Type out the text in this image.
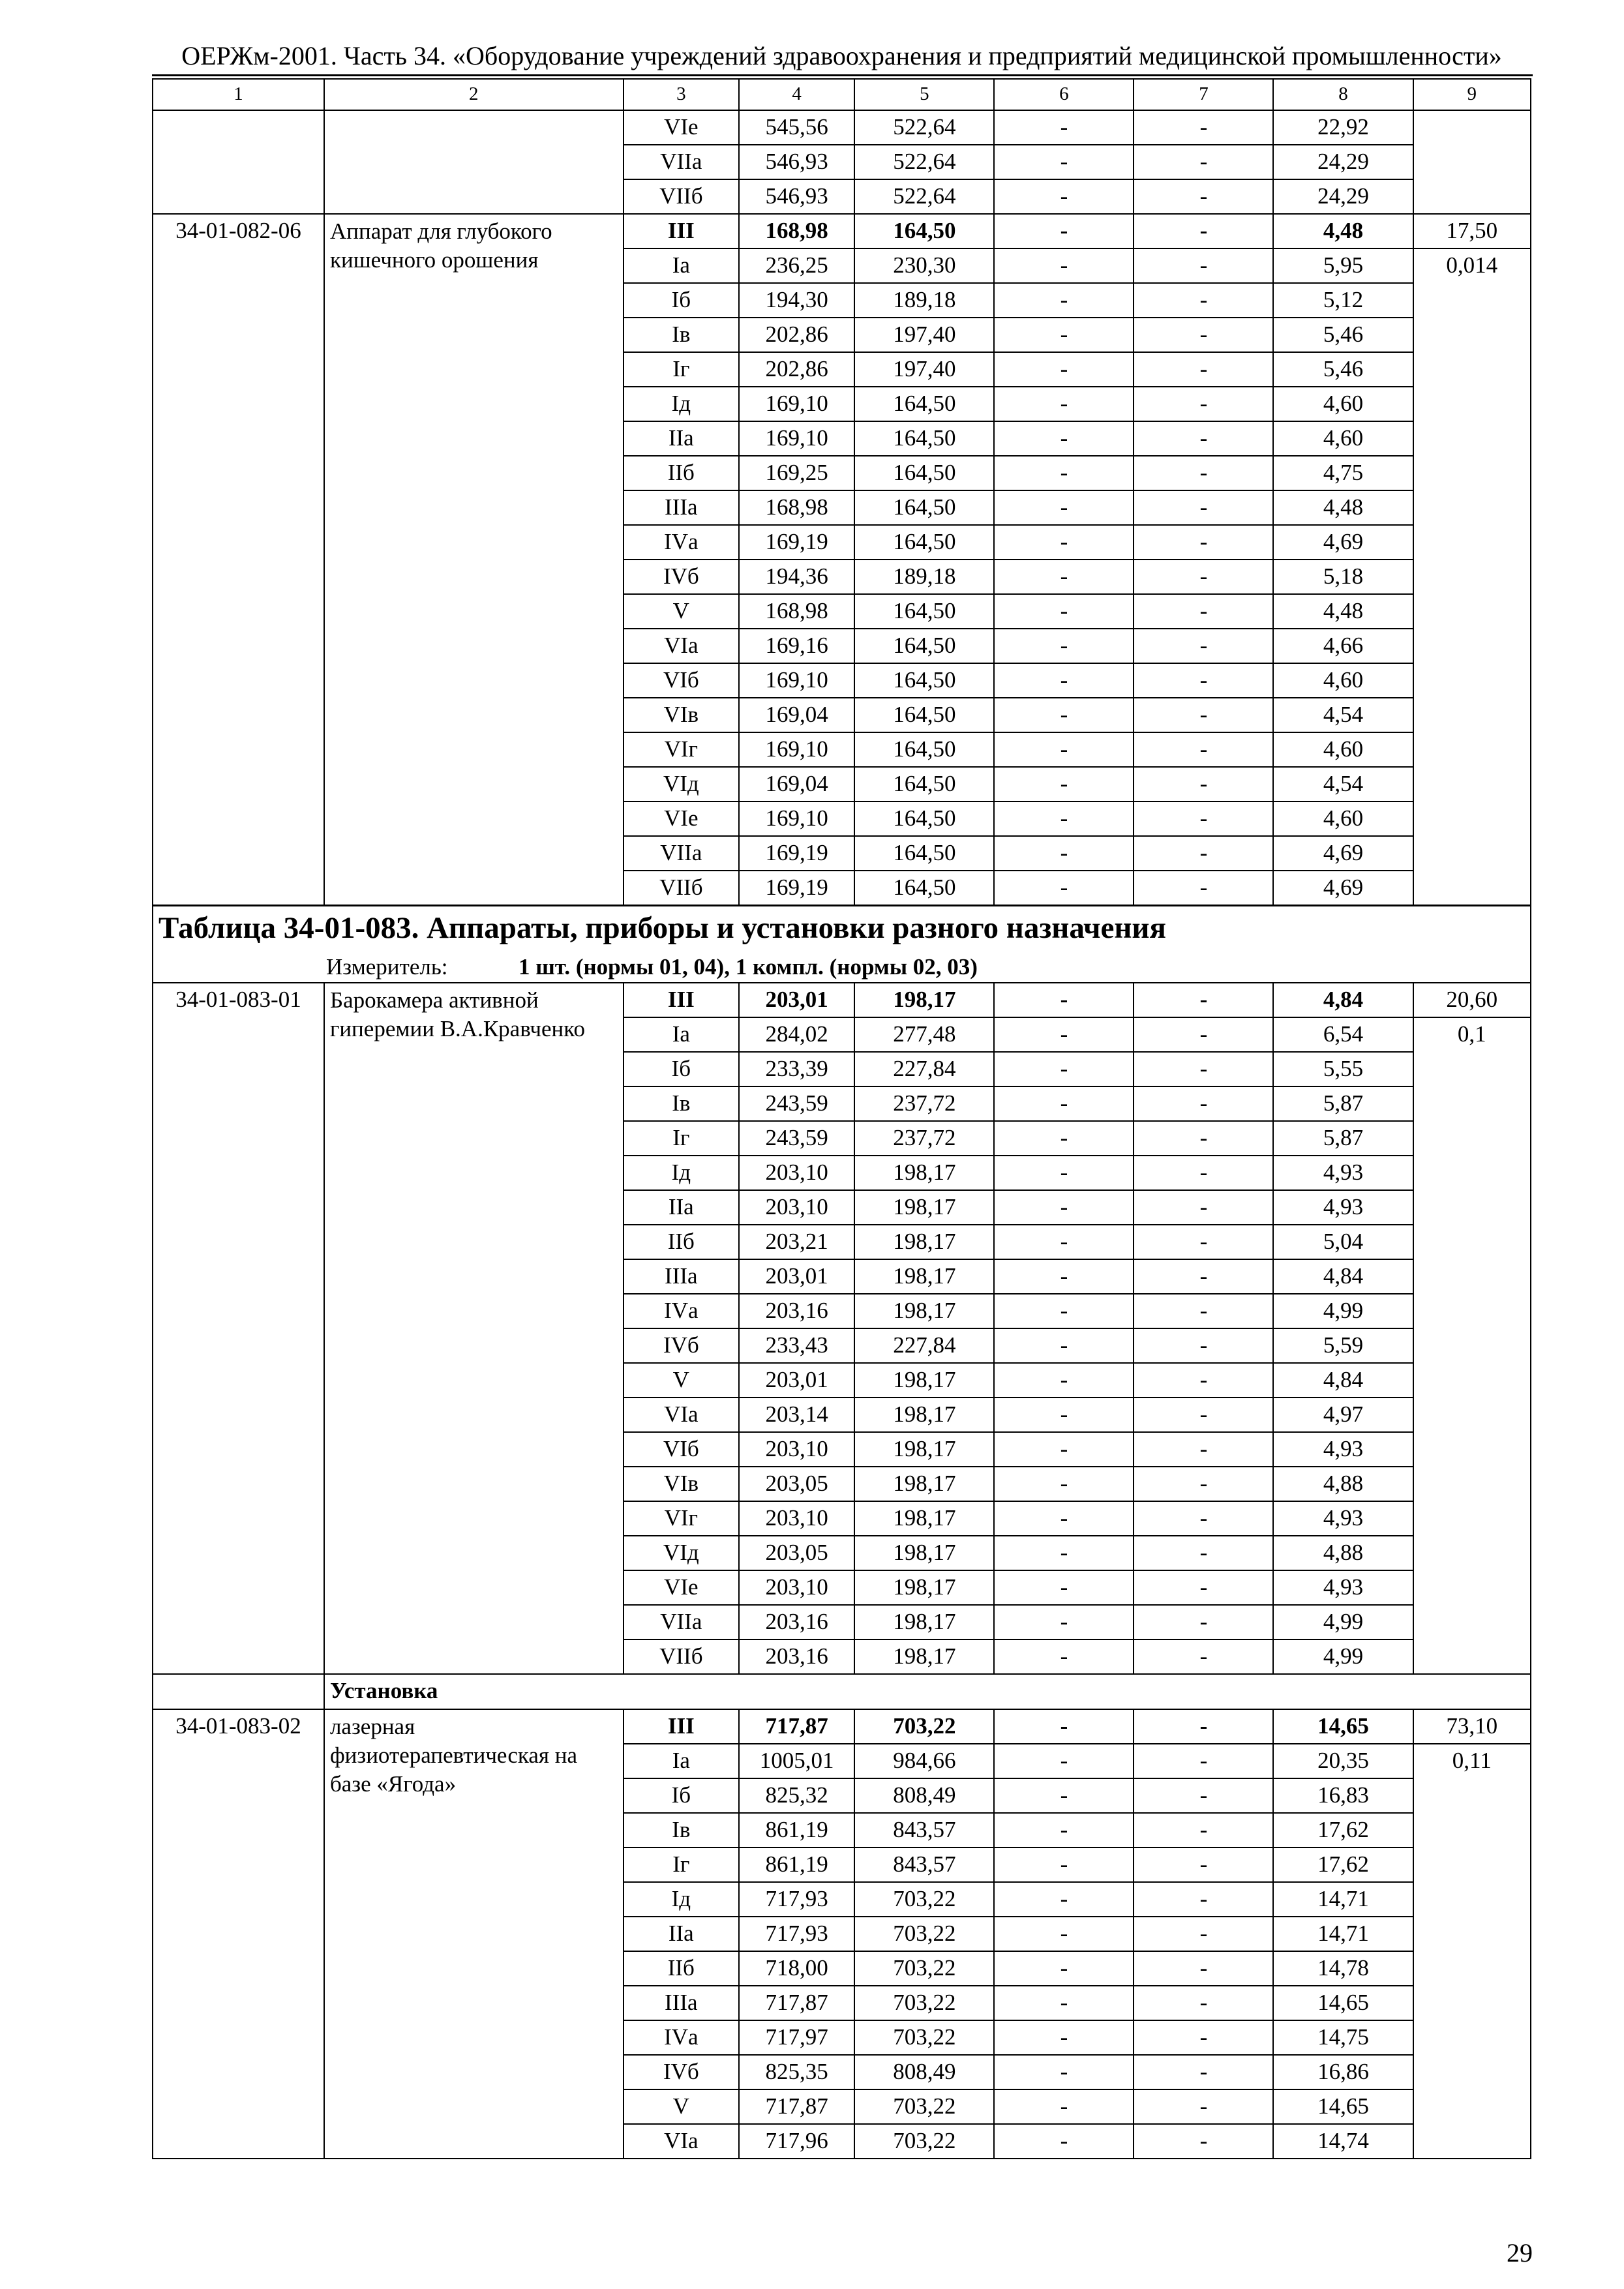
ОЕРЖм-2001. Часть 34. «Оборудование учреждений здравоохранения и предприятий медицинской промышленности»
1	2	3	4	5	6	7	8	9
		VIе	545,56	522,64	-	-	22,92	
		VIIа	546,93	522,64	-	-	24,29	
		VIIб	546,93	522,64	-	-	24,29	
34-01-082-06	Аппарат для глубокого кишечного орошения	III	168,98	164,50	-	-	4,48	17,50
		Iа	236,25	230,30	-	-	5,95	0,014
		Iб	194,30	189,18	-	-	5,12	
		Iв	202,86	197,40	-	-	5,46	
		Iг	202,86	197,40	-	-	5,46	
		Iд	169,10	164,50	-	-	4,60	
		IIа	169,10	164,50	-	-	4,60	
		IIб	169,25	164,50	-	-	4,75	
		IIIа	168,98	164,50	-	-	4,48	
		IVа	169,19	164,50	-	-	4,69	
		IVб	194,36	189,18	-	-	5,18	
		V	168,98	164,50	-	-	4,48	
		VIа	169,16	164,50	-	-	4,66	
		VIб	169,10	164,50	-	-	4,60	
		VIв	169,04	164,50	-	-	4,54	
		VIг	169,10	164,50	-	-	4,60	
		VIд	169,04	164,50	-	-	4,54	
		VIе	169,10	164,50	-	-	4,60	
		VIIа	169,19	164,50	-	-	4,69	
		VIIб	169,19	164,50	-	-	4,69	
Таблица 34-01-083. Аппараты, приборы и установки разного назначения								
Измеритель: 1 шт. (нормы 01, 04), 1 компл. (нормы 02, 03)								
34-01-083-01	Барокамера активной гиперемии В.А.Кравченко	III	203,01	198,17	-	-	4,84	20,60
		Iа	284,02	277,48	-	-	6,54	0,1
		Iб	233,39	227,84	-	-	5,55	
		Iв	243,59	237,72	-	-	5,87	
		Iг	243,59	237,72	-	-	5,87	
		Iд	203,10	198,17	-	-	4,93	
		IIа	203,10	198,17	-	-	4,93	
		IIб	203,21	198,17	-	-	5,04	
		IIIа	203,01	198,17	-	-	4,84	
		IVа	203,16	198,17	-	-	4,99	
		IVб	233,43	227,84	-	-	5,59	
		V	203,01	198,17	-	-	4,84	
		VIа	203,14	198,17	-	-	4,97	
		VIб	203,10	198,17	-	-	4,93	
		VIв	203,05	198,17	-	-	4,88	
		VIг	203,10	198,17	-	-	4,93	
		VIд	203,05	198,17	-	-	4,88	
		VIе	203,10	198,17	-	-	4,93	
		VIIа	203,16	198,17	-	-	4,99	
		VIIб	203,16	198,17	-	-	4,99	
	Установка							
34-01-083-02	лазерная физиотерапевтическая на базе «Ягода»	III	717,87	703,22	-	-	14,65	73,10
		Iа	1005,01	984,66	-	-	20,35	0,11
		Iб	825,32	808,49	-	-	16,83	
		Iв	861,19	843,57	-	-	17,62	
		Iг	861,19	843,57	-	-	17,62	
		Iд	717,93	703,22	-	-	14,71	
		IIа	717,93	703,22	-	-	14,71	
		IIб	718,00	703,22	-	-	14,78	
		IIIа	717,87	703,22	-	-	14,65	
		IVа	717,97	703,22	-	-	14,75	
		IVб	825,35	808,49	-	-	16,86	
		V	717,87	703,22	-	-	14,65	
		VIа	717,96	703,22	-	-	14,74	
29
